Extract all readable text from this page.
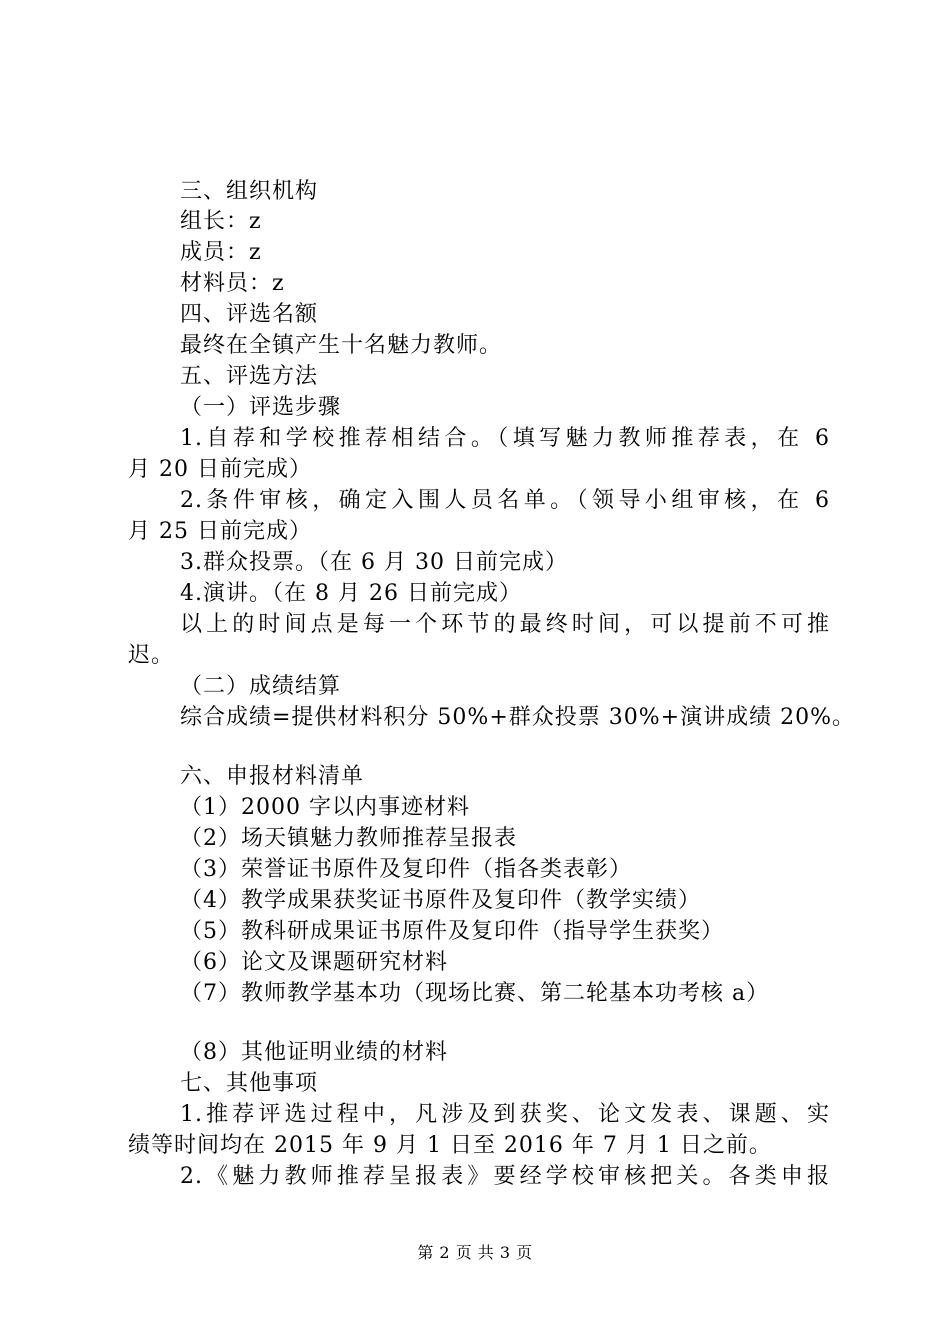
三、组织机构
组长：z
成员：z
材料员：z
四、评选名额
最终在全镇产生十名魅力教师。
五、评选方法
（一）评选步骤
1.自荐和学校推荐相结合。（填写魅力教师推荐表，在 6
月 20 日前完成）
2.条件审核，确定入围人员名单。（领导小组审核，在 6
月 25 日前完成）
3.群众投票。（在 6 月 30 日前完成）
4.演讲。（在 8 月 26 日前完成）
以上的时间点是每一个环节的最终时间，可以提前不可推
迟。
（二）成绩结算
综合成绩=提供材料积分 50%+群众投票 30%+演讲成绩 20%。
六、申报材料清单
（1）2000 字以内事迹材料
（2）场天镇魅力教师推荐呈报表
（3）荣誉证书原件及复印件（指各类表彰）
（4）教学成果获奖证书原件及复印件（教学实绩）
（5）教科研成果证书原件及复印件（指导学生获奖）
（6）论文及课题研究材料
（7）教师教学基本功（现场比赛、第二轮基本功考核 a）
（8）其他证明业绩的材料
七、其他事项
1.推荐评选过程中，凡涉及到获奖、论文发表、课题、实
绩等时间均在 2015 年 9 月 1 日至 2016 年 7 月 1 日之前。
2.《魅力教师推荐呈报表》要经学校审核把关。各类申报
第 2 页 共 3 页
